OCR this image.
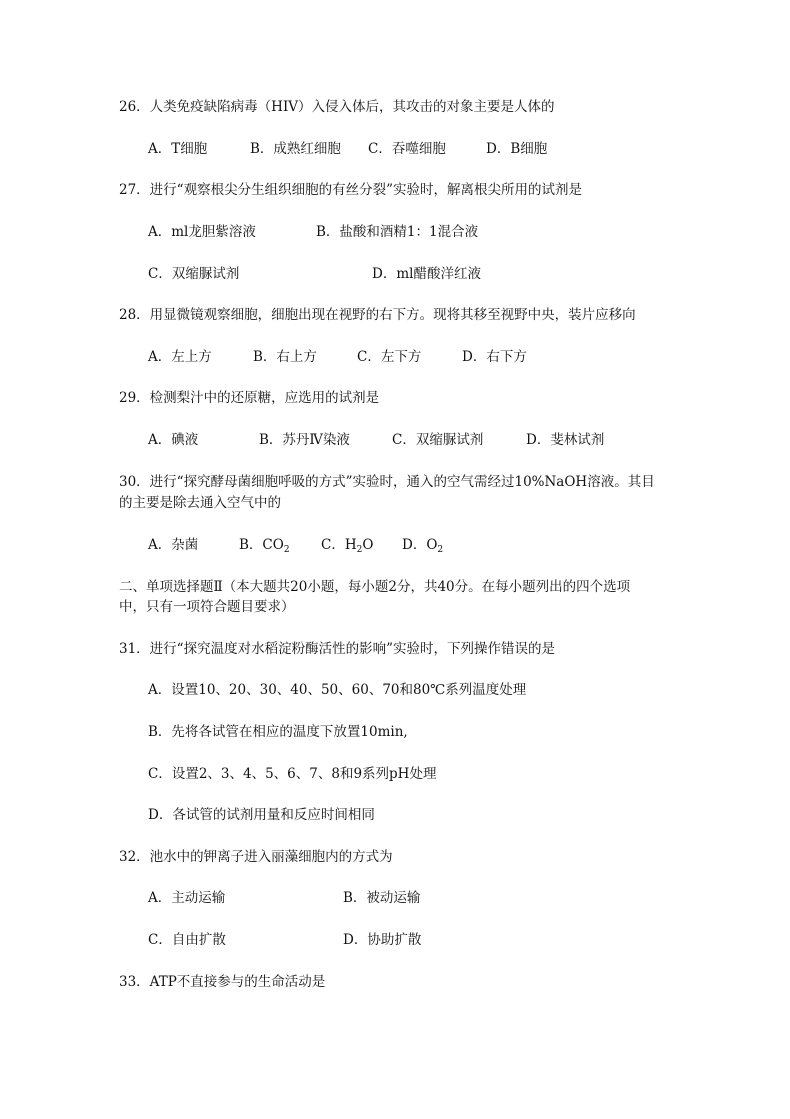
26．人类免疫缺陷病毒（HIV）入侵入体后，其攻击的对象主要是人体的
A．T细胞	B．成熟红细胞 C．吞噬细胞	D．B细胞
27．进行“观察根尖分生组织细胞的有丝分裂”实验时，解离根尖所用的试剂是
A．ml龙胆紫溶液	B．盐酸和酒精1：1混合液
C．双缩脲试剂	D．ml醋酸洋红液
28．用显微镜观察细胞，细胞出现在视野的右下方。现将其移至视野中央，装片应移向
A．左上方	B．右上方	C．左下方	D．右下方
29．检测梨汁中的还原糖，应选用的试剂是
A．碘液	B．苏丹Ⅳ染液	C．双缩脲试剂	D．斐林试剂
30．进行“探究酵母菌细胞呼吸的方式”实验时，通入的空气需经过10%NaOH溶液。其目
的主要是除去通入空气中的
A．杂菌	B．$CO_2$ C．$H_2O$ D．$O_2$
二、单项选择题Ⅱ（本大题共20小题，每小题2分，共40分。在每小题列出的四个选项
中，只有一项符合题目要求）
31．进行“探究温度对水稻淀粉酶活性的影响”实验时，下列操作错误的是
A．设置10、20、30、40、50、60、70和80℃系列温度处理
B．先将各试管在相应的温度下放置10min,
C．设置2、3、4、5、6、7、8和9系列pH处理
D．各试管的试剂用量和反应时间相同
32．池水中的钾离子进入丽藻细胞内的方式为
A．主动运输	B．被动运输
C．自由扩散	D．协助扩散
33．ATP不直接参与的生命活动是
